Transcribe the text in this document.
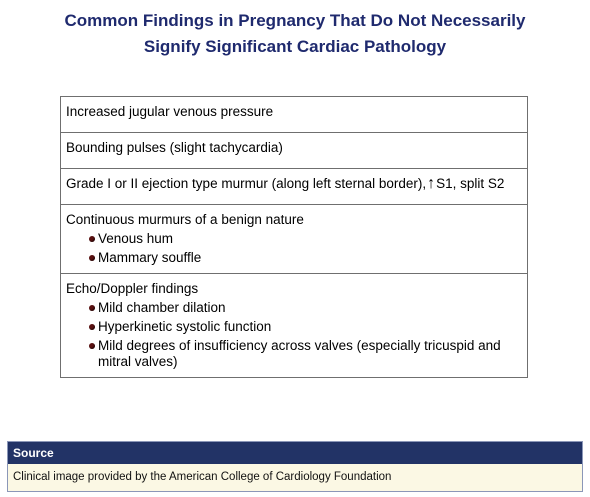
Common Findings in Pregnancy That Do Not Necessarily
Signify Significant Cardiac Pathology
Increased jugular venous pressure
Bounding pulses (slight tachycardia)
Grade I or II ejection type murmur (along left sternal border),↑S1, split S2
Continuous murmurs of a benign nature
Venous hum
Mammary souffle
Echo/Doppler findings
Mild chamber dilation
Hyperkinetic systolic function
Mild degrees of insufficiency across valves (especially tricuspid and mitral valves)
Source
Clinical image provided by the American College of Cardiology Foundation
